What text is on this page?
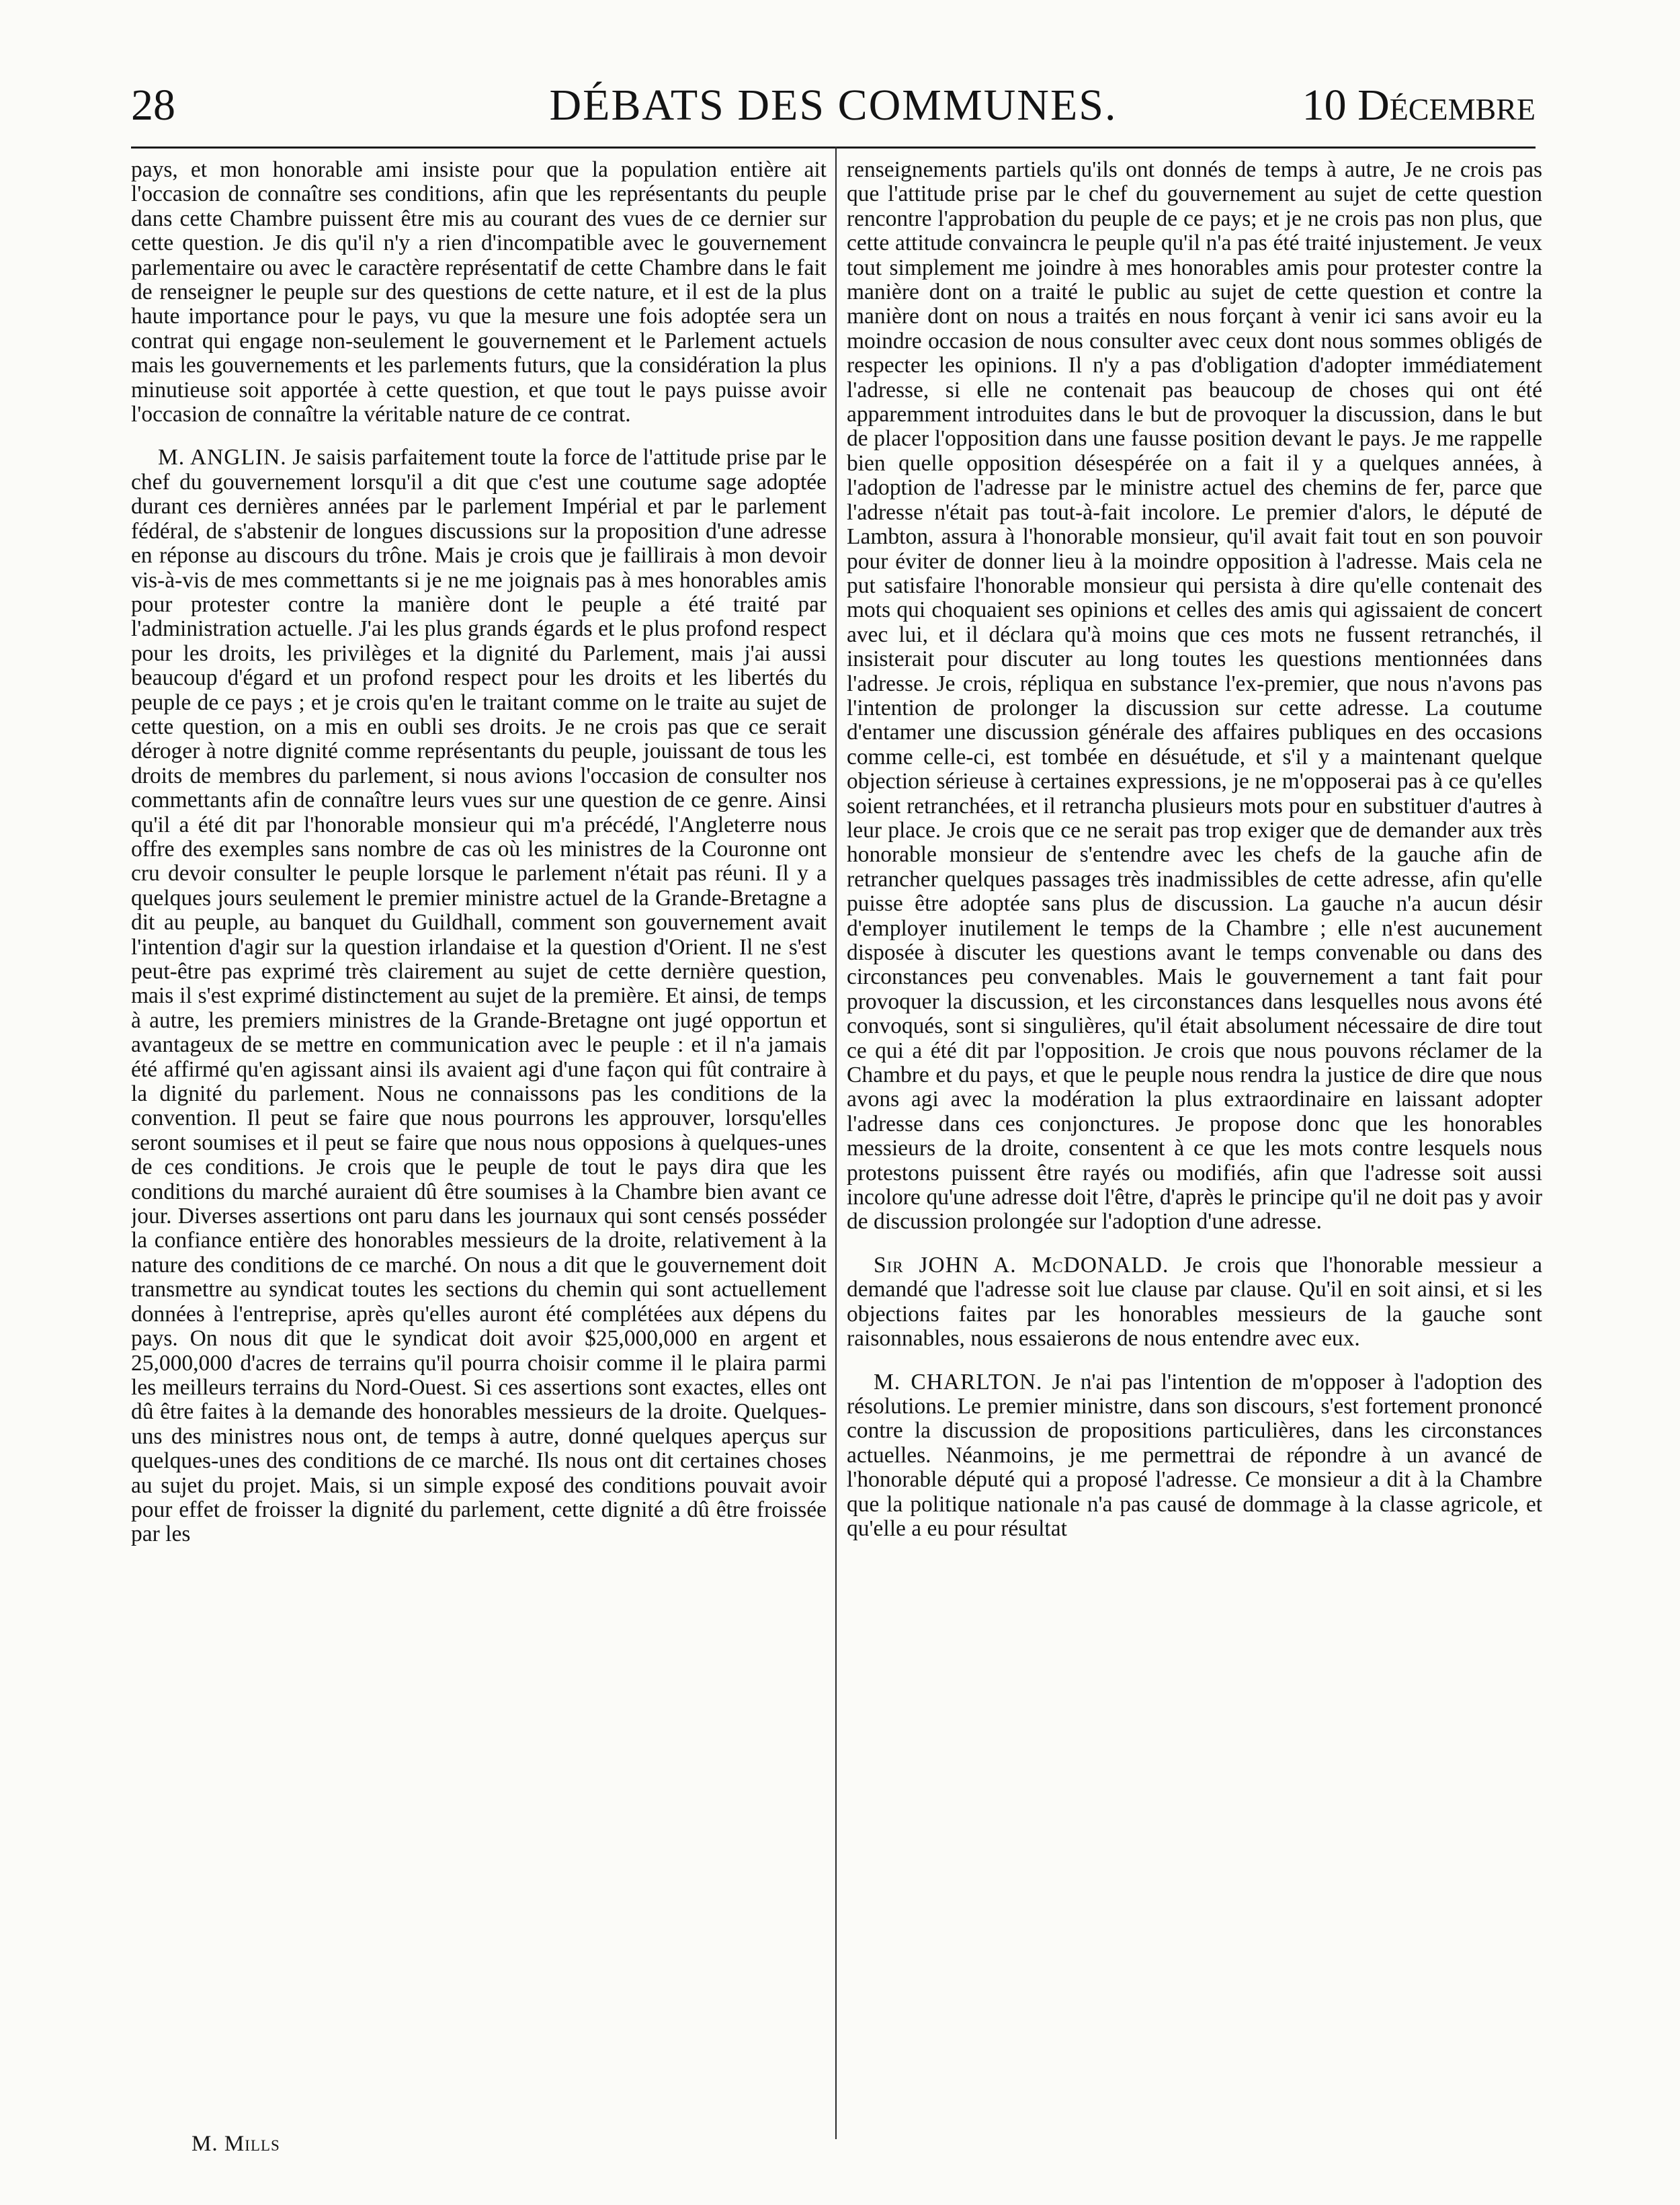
28	DÉBATS DES COMMUNES.	10 Décembre

pays, et mon honorable ami insiste pour que la population entière ait l'occasion de connaître ses conditions, afin que les représentants du peuple dans cette Chambre puissent être mis au courant des vues de ce dernier sur cette question. Je dis qu'il n'y a rien d'incompatible avec le gouvernement parlementaire ou avec le caractère représentatif de cette Chambre dans le fait de renseigner le peuple sur des questions de cette nature, et il est de la plus haute importance pour le pays, vu que la mesure une fois adoptée sera un contrat qui engage non-seulement le gouvernement et le Parlement actuels mais les gouvernements et les parlements futurs, que la considération la plus minutieuse soit apportée à cette question, et que tout le pays puisse avoir l'occasion de connaître la véritable nature de ce contrat.

M. ANGLIN. Je saisis parfaitement toute la force de l'attitude prise par le chef du gouvernement lorsqu'il a dit que c'est une coutume sage adoptée durant ces dernières années par le parlement Impérial et par le parlement fédéral, de s'abstenir de longues discussions sur la proposition d'une adresse en réponse au discours du trône. Mais je crois que je faillirais à mon devoir vis-à-vis de mes commettants si je ne me joignais pas à mes honorables amis pour protester contre la manière dont le peuple a été traité par l'administration actuelle. J'ai les plus grands égards et le plus profond respect pour les droits, les privilèges et la dignité du Parlement, mais j'ai aussi beaucoup d'égard et un profond respect pour les droits et les libertés du peuple de ce pays ; et je crois qu'en le traitant comme on le traite au sujet de cette question, on a mis en oubli ses droits. Je ne crois pas que ce serait déroger à notre dignité comme représentants du peuple, jouissant de tous les droits de membres du parlement, si nous avions l'occasion de consulter nos commettants afin de connaître leurs vues sur une question de ce genre. Ainsi qu'il a été dit par l'honorable monsieur qui m'a précédé, l'Angleterre nous offre des exemples sans nombre de cas où les ministres de la Couronne ont cru devoir consulter le peuple lorsque le parlement n'était pas réuni. Il y a quelques jours seulement le premier ministre actuel de la Grande-Bretagne a dit au peuple, au banquet du Guildhall, comment son gouvernement avait l'intention d'agir sur la question irlandaise et la question d'Orient. Il ne s'est peut-être pas exprimé très clairement au sujet de cette dernière question, mais il s'est exprimé distinctement au sujet de la première. Et ainsi, de temps à autre, les premiers ministres de la Grande-Bretagne ont jugé opportun et avantageux de se mettre en communication avec le peuple : et il n'a jamais été affirmé qu'en agissant ainsi ils avaient agi d'une façon qui fût contraire à la dignité du parlement. Nous ne connaissons pas les conditions de la convention. Il peut se faire que nous pourrons les approuver, lorsqu'elles seront soumises et il peut se faire que nous nous opposions à quelques-unes de ces conditions. Je crois que le peuple de tout le pays dira que les conditions du marché auraient dû être soumises à la Chambre bien avant ce jour. Diverses assertions ont paru dans les journaux qui sont censés posséder la confiance entière des honorables messieurs de la droite, relativement à la nature des conditions de ce marché. On nous a dit que le gouvernement doit transmettre au syndicat toutes les sections du chemin qui sont actuellement données à l'entreprise, après qu'elles auront été complétées aux dépens du pays. On nous dit que le syndicat doit avoir $25,000,000 en argent et 25,000,000 d'acres de terrains qu'il pourra choisir comme il le plaira parmi les meilleurs terrains du Nord-Ouest. Si ces assertions sont exactes, elles ont dû être faites à la demande des honorables messieurs de la droite. Quelques-uns des ministres nous ont, de temps à autre, donné quelques aperçus sur quelques-unes des conditions de ce marché. Ils nous ont dit certaines choses au sujet du projet. Mais, si un simple exposé des conditions pouvait avoir pour effet de froisser la dignité du parlement, cette dignité a dû être froissée par les

renseignements partiels qu'ils ont donnés de temps à autre, Je ne crois pas que l'attitude prise par le chef du gouvernement au sujet de cette question rencontre l'approbation du peuple de ce pays; et je ne crois pas non plus, que cette attitude convaincra le peuple qu'il n'a pas été traité injustement. Je veux tout simplement me joindre à mes honorables amis pour protester contre la manière dont on a traité le public au sujet de cette question et contre la manière dont on nous a traités en nous forçant à venir ici sans avoir eu la moindre occasion de nous consulter avec ceux dont nous sommes obligés de respecter les opinions. Il n'y a pas d'obligation d'adopter immédiatement l'adresse, si elle ne contenait pas beaucoup de choses qui ont été apparemment introduites dans le but de provoquer la discussion, dans le but de placer l'opposition dans une fausse position devant le pays. Je me rappelle bien quelle opposition désespérée on a fait il y a quelques années, à l'adoption de l'adresse par le ministre actuel des chemins de fer, parce que l'adresse n'était pas tout-à-fait incolore. Le premier d'alors, le député de Lambton, assura à l'honorable monsieur, qu'il avait fait tout en son pouvoir pour éviter de donner lieu à la moindre opposition à l'adresse. Mais cela ne put satisfaire l'honorable monsieur qui persista à dire qu'elle contenait des mots qui choquaient ses opinions et celles des amis qui agissaient de concert avec lui, et il déclara qu'à moins que ces mots ne fussent retranchés, il insisterait pour discuter au long toutes les questions mentionnées dans l'adresse. Je crois, répliqua en substance l'ex-premier, que nous n'avons pas l'intention de prolonger la discussion sur cette adresse. La coutume d'entamer une discussion générale des affaires publiques en des occasions comme celle-ci, est tombée en désuétude, et s'il y a maintenant quelque objection sérieuse à certaines expressions, je ne m'opposerai pas à ce qu'elles soient retranchées, et il retrancha plusieurs mots pour en substituer d'autres à leur place. Je crois que ce ne serait pas trop exiger que de demander aux très honorable monsieur de s'entendre avec les chefs de la gauche afin de retrancher quelques passages très inadmissibles de cette adresse, afin qu'elle puisse être adoptée sans plus de discussion. La gauche n'a aucun désir d'employer inutilement le temps de la Chambre ; elle n'est aucunement disposée à discuter les questions avant le temps convenable ou dans des circonstances peu convenables. Mais le gouvernement a tant fait pour provoquer la discussion, et les circonstances dans lesquelles nous avons été convoqués, sont si singulières, qu'il était absolument nécessaire de dire tout ce qui a été dit par l'opposition. Je crois que nous pouvons réclamer de la Chambre et du pays, et que le peuple nous rendra la justice de dire que nous avons agi avec la modération la plus extraordinaire en laissant adopter l'adresse dans ces conjonctures. Je propose donc que les honorables messieurs de la droite, consentent à ce que les mots contre lesquels nous protestons puissent être rayés ou modifiés, afin que l'adresse soit aussi incolore qu'une adresse doit l'être, d'après le principe qu'il ne doit pas y avoir de discussion prolongée sur l'adoption d'une adresse.

Sir JOHN A. McDONALD. Je crois que l'honorable messieur a demandé que l'adresse soit lue clause par clause. Qu'il en soit ainsi, et si les objections faites par les honorables messieurs de la gauche sont raisonnables, nous essaierons de nous entendre avec eux.

M. CHARLTON. Je n'ai pas l'intention de m'opposer à l'adoption des résolutions. Le premier ministre, dans son discours, s'est fortement prononcé contre la discussion de propositions particulières, dans les circonstances actuelles. Néanmoins, je me permettrai de répondre à un avancé de l'honorable député qui a proposé l'adresse. Ce monsieur a dit à la Chambre que la politique nationale n'a pas causé de dommage à la classe agricole, et qu'elle a eu pour résultat

M. Mills
